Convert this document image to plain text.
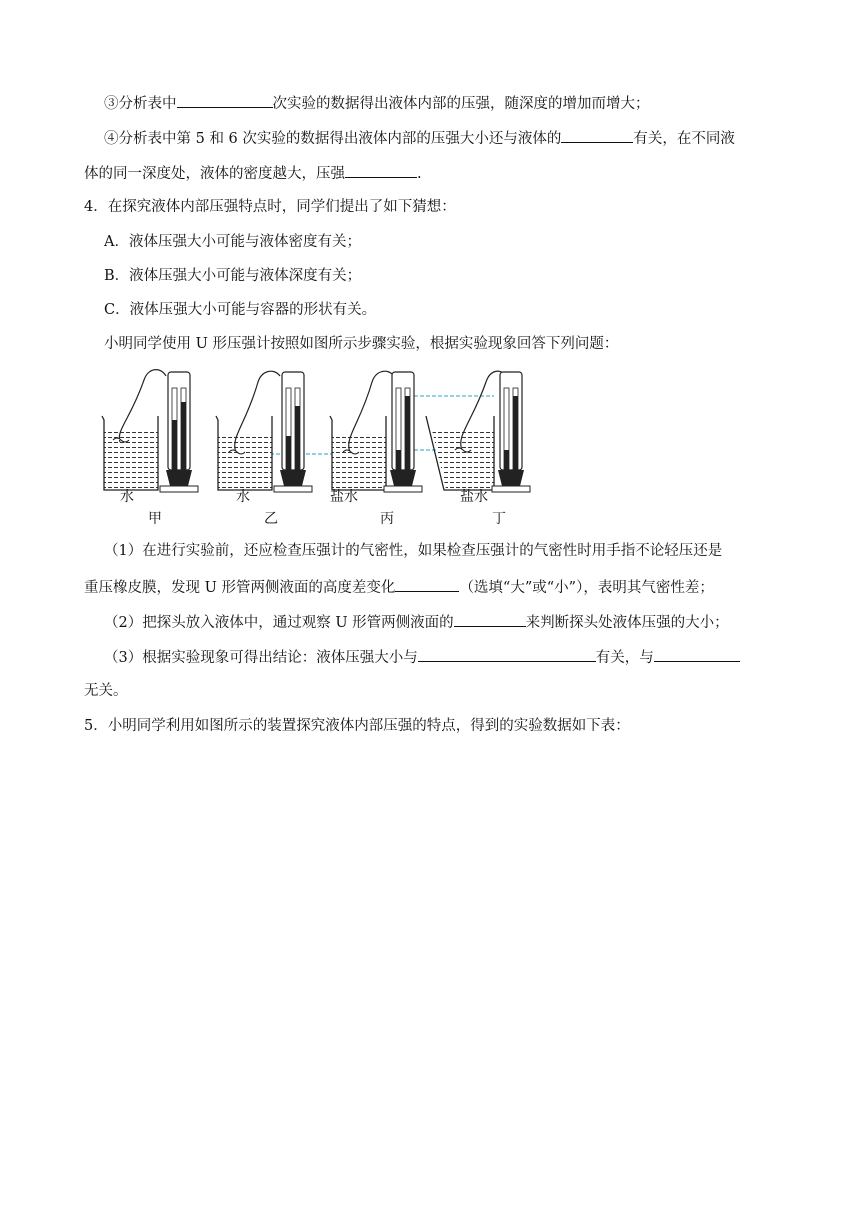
③分析表中	次实验的数据得出液体内部的压强，随深度的增加而增大；
④分析表中第 5 和 6 次实验的数据得出液体内部的压强大小还与液体的	有关，在不同液
体的同一深度处，液体的密度越大，压强	.
4．在探究液体内部压强特点时，同学们提出了如下猜想：
A．液体压强大小可能与液体密度有关；
B．液体压强大小可能与液体深度有关；
C．液体压强大小可能与容器的形状有关。
小明同学使用 U 形压强计按照如图所示步骤实验，根据实验现象回答下列问题：
水	水	盐水	盐水
甲	乙	丙	丁
（1）在进行实验前，还应检查压强计的气密性，如果检查压强计的气密性时用手指不论轻压还是
重压橡皮膜，发现 U 形管两侧液面的高度差变化	（选填“大”或“小”），表明其气密性差；
（2）把探头放入液体中，通过观察 U 形管两侧液面的	来判断探头处液体压强的大小；
（3）根据实验现象可得出结论：液体压强大小与	有关，与
无关。
5．小明同学利用如图所示的装置探究液体内部压强的特点，得到的实验数据如下表：
